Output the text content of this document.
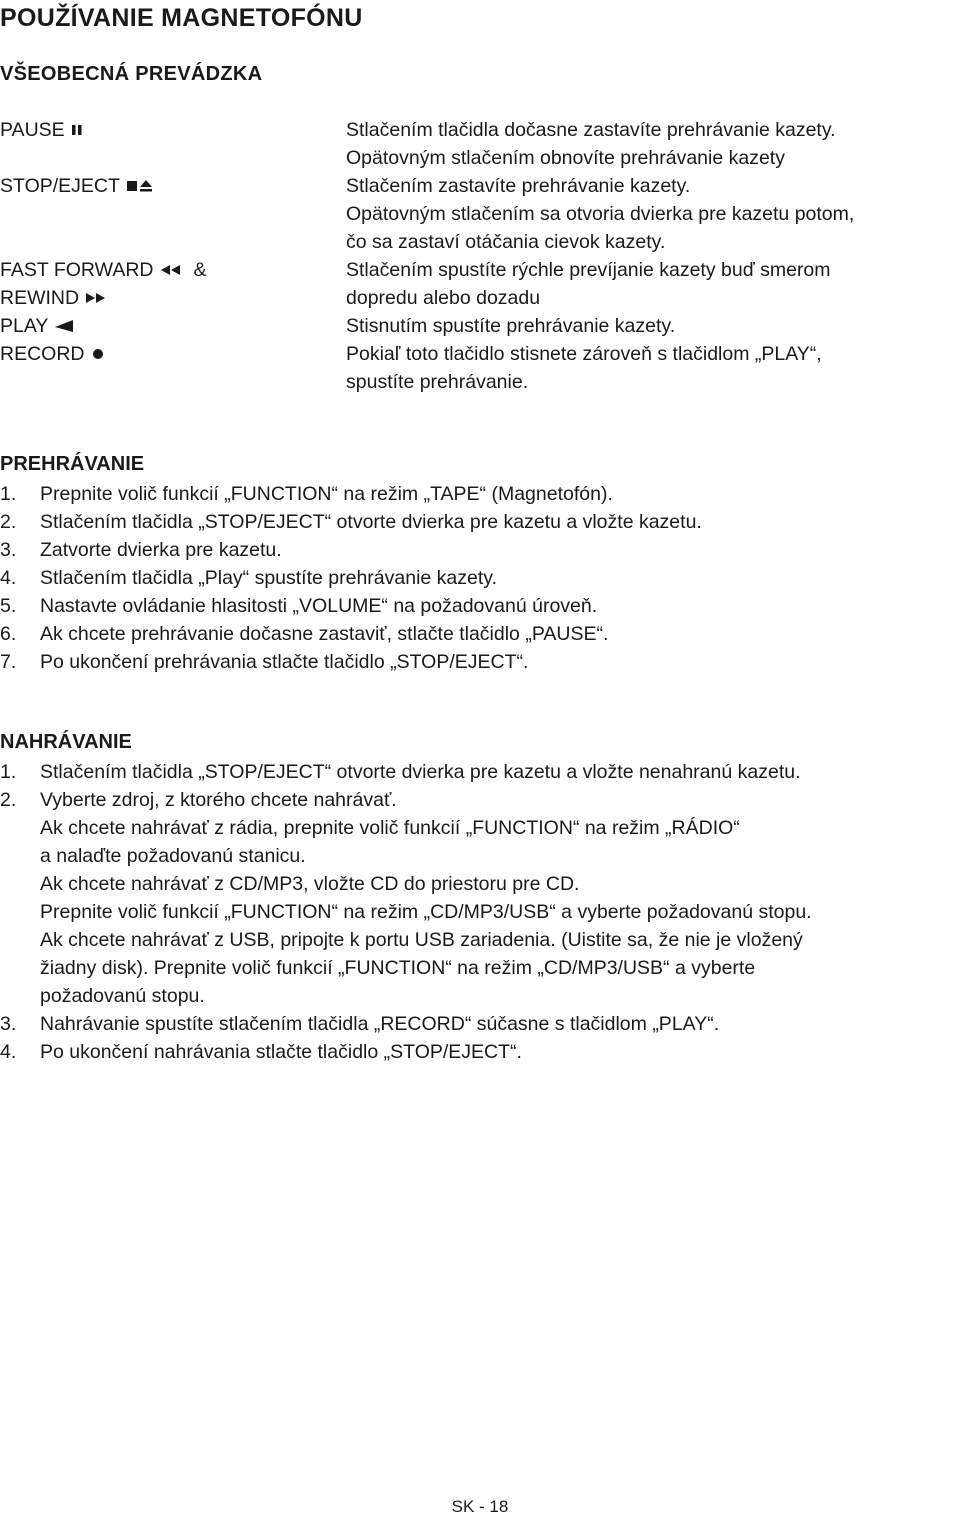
POUŽÍVANIE MAGNETOFÓNU
VŠEOBECNÁ PREVÁDZKA
PAUSE
STOP/EJECT
FAST FORWARD &
REWIND
PLAY
RECORD
Stlačením tlačidla dočasne zastavíte prehrávanie kazety.
Opätovným stlačením obnovíte prehrávanie kazety
Stlačením zastavíte prehrávanie kazety.
Opätovným stlačením sa otvoria dvierka pre kazetu potom,
čo sa zastaví otáčania cievok kazety.
Stlačením spustíte rýchle prevíjanie kazety buď smerom
dopredu alebo dozadu
Stisnutím spustíte prehrávanie kazety.
Pokiaľ toto tlačidlo stisnete zároveň s tlačidlom „PLAY“,
spustíte prehrávanie.
PREHRÁVANIE
1. Prepnite volič funkcií „FUNCTION“ na režim „TAPE“ (Magnetofón).
2. Stlačením tlačidla „STOP/EJECT“ otvorte dvierka pre kazetu a vložte kazetu.
3. Zatvorte dvierka pre kazetu.
4. Stlačením tlačidla „Play“ spustíte prehrávanie kazety.
5. Nastavte ovládanie hlasitosti „VOLUME“ na požadovanú úroveň.
6. Ak chcete prehrávanie dočasne zastaviť, stlačte tlačidlo „PAUSE“.
7. Po ukončení prehrávania stlačte tlačidlo „STOP/EJECT“.
NAHRÁVANIE
1. Stlačením tlačidla „STOP/EJECT“ otvorte dvierka pre kazetu a vložte nenahranú kazetu.
2. Vyberte zdroj, z ktorého chcete nahrávať.
Ak chcete nahrávať z rádia, prepnite volič funkcií „FUNCTION“ na režim „RÁDIO“
a nalaďte požadovanú stanicu.
Ak chcete nahrávať z CD/MP3, vložte CD do priestoru pre CD.
Prepnite volič funkcií „FUNCTION“ na režim „CD/MP3/USB“ a vyberte požadovanú stopu.
Ak chcete nahrávať z USB, pripojte k portu USB zariadenia. (Uistite sa, že nie je vložený
žiadny disk). Prepnite volič funkcií „FUNCTION“ na režim „CD/MP3/USB“ a vyberte
požadovanú stopu.
3. Nahrávanie spustíte stlačením tlačidla „RECORD“ súčasne s tlačidlom „PLAY“.
4. Po ukončení nahrávania stlačte tlačidlo „STOP/EJECT“.
SK - 18
